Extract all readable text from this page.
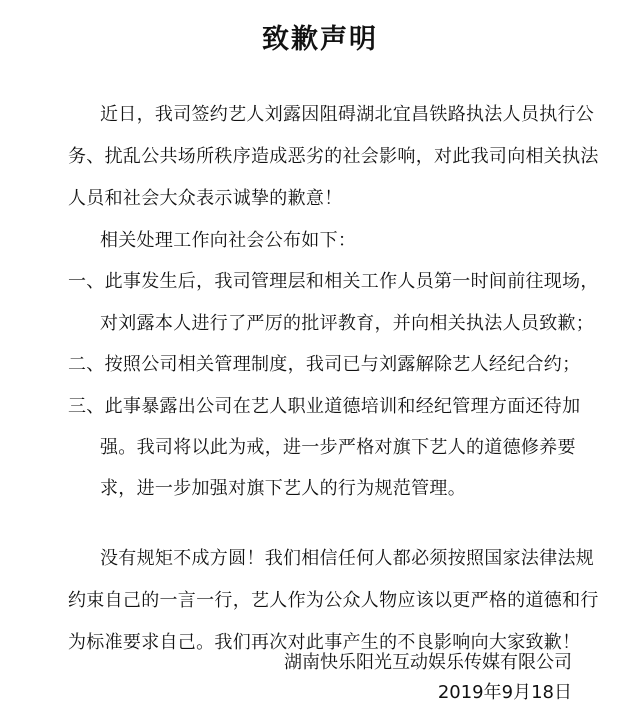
致歉声明
近日，我司签约艺人刘露因阻碍湖北宜昌铁路执法人员执行公
务、扰乱公共场所秩序造成恶劣的社会影响，对此我司向相关执法
人员和社会大众表示诚挚的歉意！
相关处理工作向社会公布如下：
一、此事发生后，我司管理层和相关工作人员第一时间前往现场，
对刘露本人进行了严厉的批评教育，并向相关执法人员致歉；
二、按照公司相关管理制度，我司已与刘露解除艺人经纪合约；
三、此事暴露出公司在艺人职业道德培训和经纪管理方面还待加
强。我司将以此为戒，进一步严格对旗下艺人的道德修养要
求，进一步加强对旗下艺人的行为规范管理。
没有规矩不成方圆！我们相信任何人都必须按照国家法律法规
约束自己的一言一行，艺人作为公众人物应该以更严格的道德和行
为标准要求自己。我们再次对此事产生的不良影响向大家致歉！
湖南快乐阳光互动娱乐传媒有限公司
2019年9月18日
